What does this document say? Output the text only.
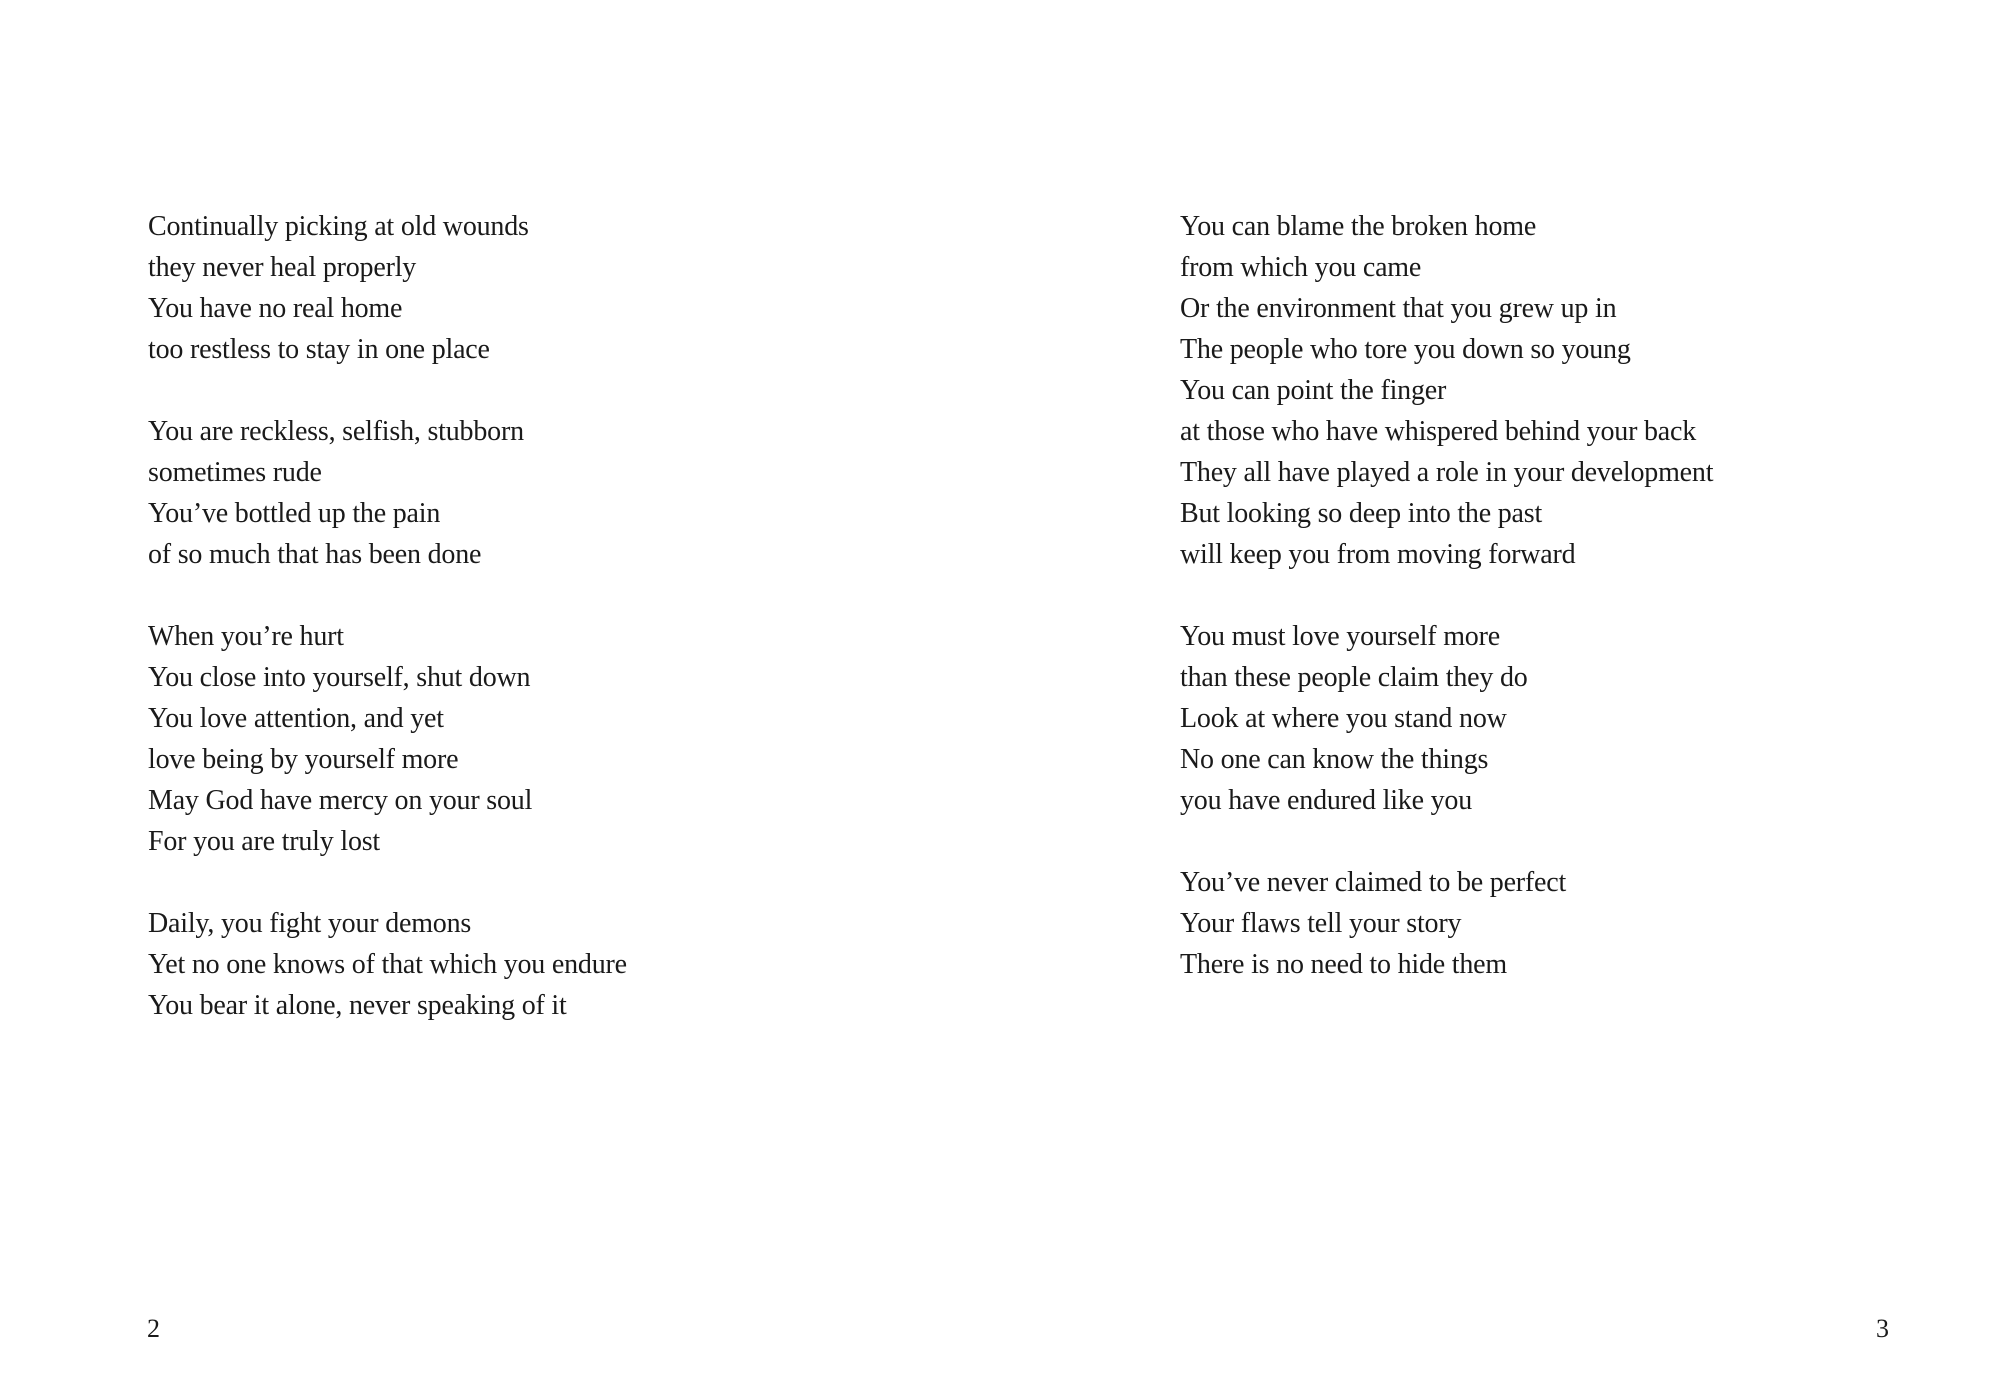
Continually picking at old wounds
they never heal properly
You have no real home
too restless to stay in one place
You are reckless, selfish, stubborn
sometimes rude
You’ve bottled up the pain
of so much that has been done
When you’re hurt
You close into yourself, shut down
You love attention, and yet
love being by yourself more
May God have mercy on your soul
For you are truly lost
Daily, you fight your demons
Yet no one knows of that which you endure
You bear it alone, never speaking of it
2
You can blame the broken home
from which you came
Or the environment that you grew up in
The people who tore you down so young
You can point the finger
at those who have whispered behind your back
They all have played a role in your development
But looking so deep into the past
will keep you from moving forward
You must love yourself more
than these people claim they do
Look at where you stand now
No one can know the things
you have endured like you
You’ve never claimed to be perfect
Your flaws tell your story
There is no need to hide them
3
